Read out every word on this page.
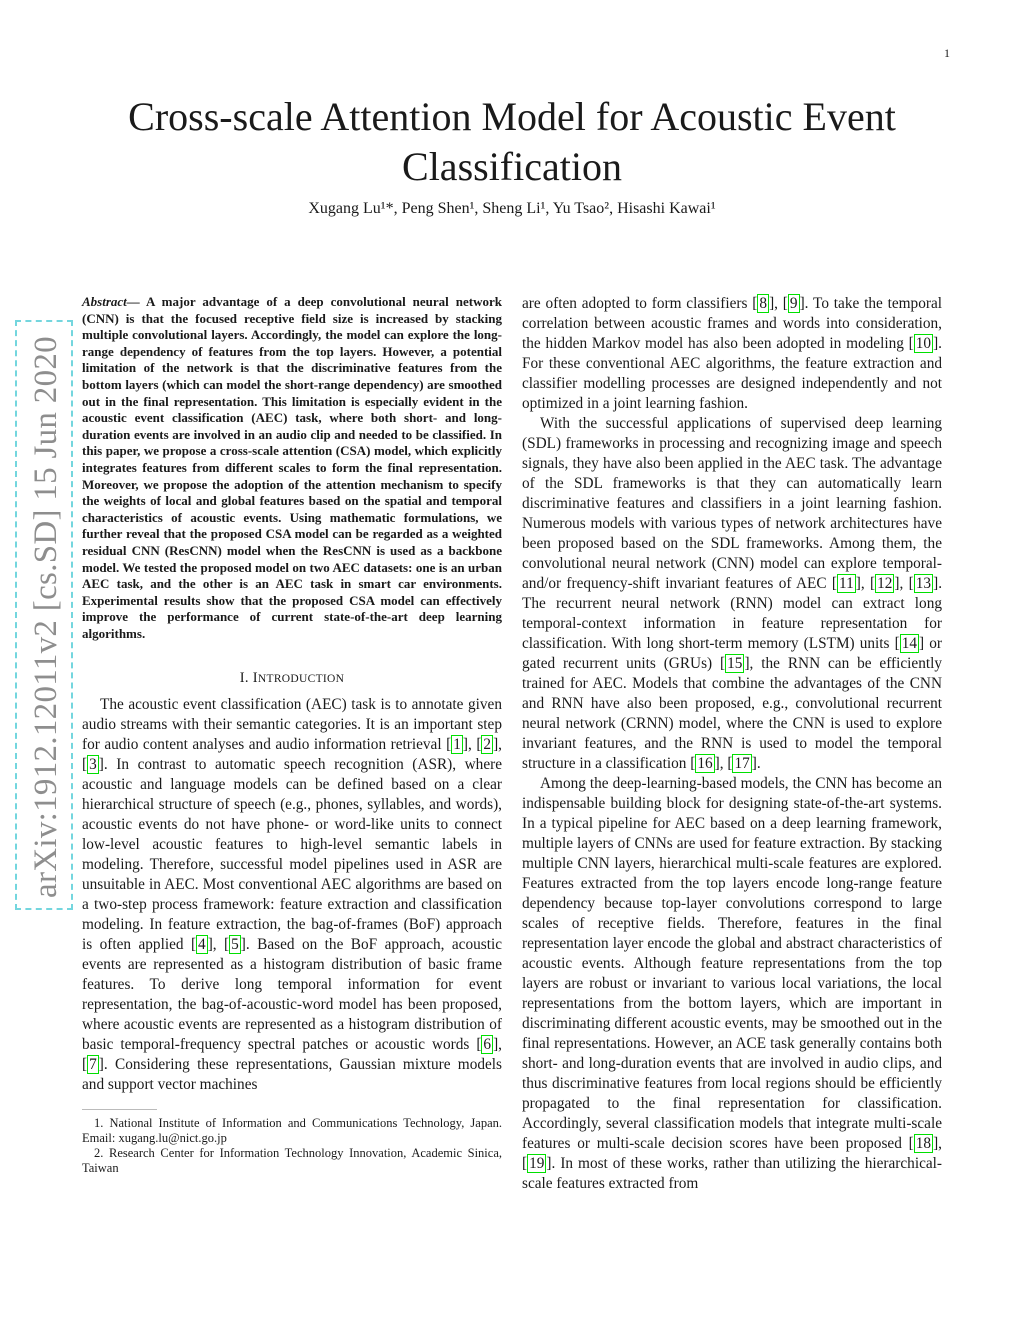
1
arXiv:1912.12011v2 [cs.SD] 15 Jun 2020
Cross-scale Attention Model for Acoustic Event Classification
Xugang Lu¹*, Peng Shen¹, Sheng Li¹, Yu Tsao², Hisashi Kawai¹

Abstract— A major advantage of a deep convolutional neural network (CNN) is that the focused receptive field size is increased by stacking multiple convolutional layers. Accordingly, the model can explore the long-range dependency of features from the top layers. However, a potential limitation of the network is that the discriminative features from the bottom layers (which can model the short-range dependency) are smoothed out in the final representation. This limitation is especially evident in the acoustic event classification (AEC) task, where both short- and long-duration events are involved in an audio clip and needed to be classified. In this paper, we propose a cross-scale attention (CSA) model, which explicitly integrates features from different scales to form the final representation. Moreover, we propose the adoption of the attention mechanism to specify the weights of local and global features based on the spatial and temporal characteristics of acoustic events. Using mathematic formulations, we further reveal that the proposed CSA model can be regarded as a weighted residual CNN (ResCNN) model when the ResCNN is used as a backbone model. We tested the proposed model on two AEC datasets: one is an urban AEC task, and the other is an AEC task in smart car environments. Experimental results show that the proposed CSA model can effectively improve the performance of current state-of-the-art deep learning algorithms.

I. INTRODUCTION

The acoustic event classification (AEC) task is to annotate given audio streams with their semantic categories. It is an important step for audio content analyses and audio information retrieval [ 1 ], [ 2 ], [ 3 ]. In contrast to automatic speech recognition (ASR), where acoustic and language models can be defined based on a clear hierarchical structure of speech (e.g., phones, syllables, and words), acoustic events do not have phone- or word-like units to connect low-level acoustic features to high-level semantic labels in modeling. Therefore, successful model pipelines used in ASR are unsuitable in AEC. Most conventional AEC algorithms are based on a two-step process framework: feature extraction and classification modeling. In feature extraction, the bag-of-frames (BoF) approach is often applied [ 4 ], [ 5 ]. Based on the BoF approach, acoustic events are represented as a histogram distribution of basic frame features. To derive long temporal information for event representation, the bag-of-acoustic-word model has been proposed, where acoustic events are represented as a histogram distribution of basic temporal-frequency spectral patches or acoustic words [ 6 ], [ 7 ]. Considering these representations, Gaussian mixture models and support vector machines

1. National Institute of Information and Communications Technology, Japan. Email: xugang.lu@nict.go.jp

2. Research Center for Information Technology Innovation, Academic Sinica, Taiwan

are often adopted to form classifiers [ 8 ], [ 9 ]. To take the temporal correlation between acoustic frames and words into consideration, the hidden Markov model has also been adopted in modeling [ 10 ]. For these conventional AEC algorithms, the feature extraction and classifier modelling processes are designed independently and not optimized in a joint learning fashion.

With the successful applications of supervised deep learning (SDL) frameworks in processing and recognizing image and speech signals, they have also been applied in the AEC task. The advantage of the SDL frameworks is that they can automatically learn discriminative features and classifiers in a joint learning fashion. Numerous models with various types of network architectures have been proposed based on the SDL frameworks. Among them, the convolutional neural network (CNN) model can explore temporal- and/or frequency-shift invariant features of AEC [ 11 ], [ 12 ], [ 13 ]. The recurrent neural network (RNN) model can extract long temporal-context information in feature representation for classification. With long short-term memory (LSTM) units [ 14 ] or gated recurrent units (GRUs) [ 15 ], the RNN can be efficiently trained for AEC. Models that combine the advantages of the CNN and RNN have also been proposed, e.g., convolutional recurrent neural network (CRNN) model, where the CNN is used to explore invariant features, and the RNN is used to model the temporal structure in a classification [ 16 ], [ 17 ].

Among the deep-learning-based models, the CNN has become an indispensable building block for designing state-of-the-art systems. In a typical pipeline for AEC based on a deep learning framework, multiple layers of CNNs are used for feature extraction. By stacking multiple CNN layers, hierarchical multi-scale features are explored. Features extracted from the top layers encode long-range feature dependency because top-layer convolutions correspond to large scales of receptive fields. Therefore, features in the final representation layer encode the global and abstract characteristics of acoustic events. Although feature representations from the top layers are robust or invariant to various local variations, the local representations from the bottom layers, which are important in discriminating different acoustic events, may be smoothed out in the final representations. However, an ACE task generally contains both short- and long-duration events that are involved in audio clips, and thus discriminative features from local regions should be efficiently propagated to the final representation for classification. Accordingly, several classification models that integrate multi-scale features or multi-scale decision scores have been proposed [ 18 ], [ 19 ]. In most of these works, rather than utilizing the hierarchical-scale features extracted from
